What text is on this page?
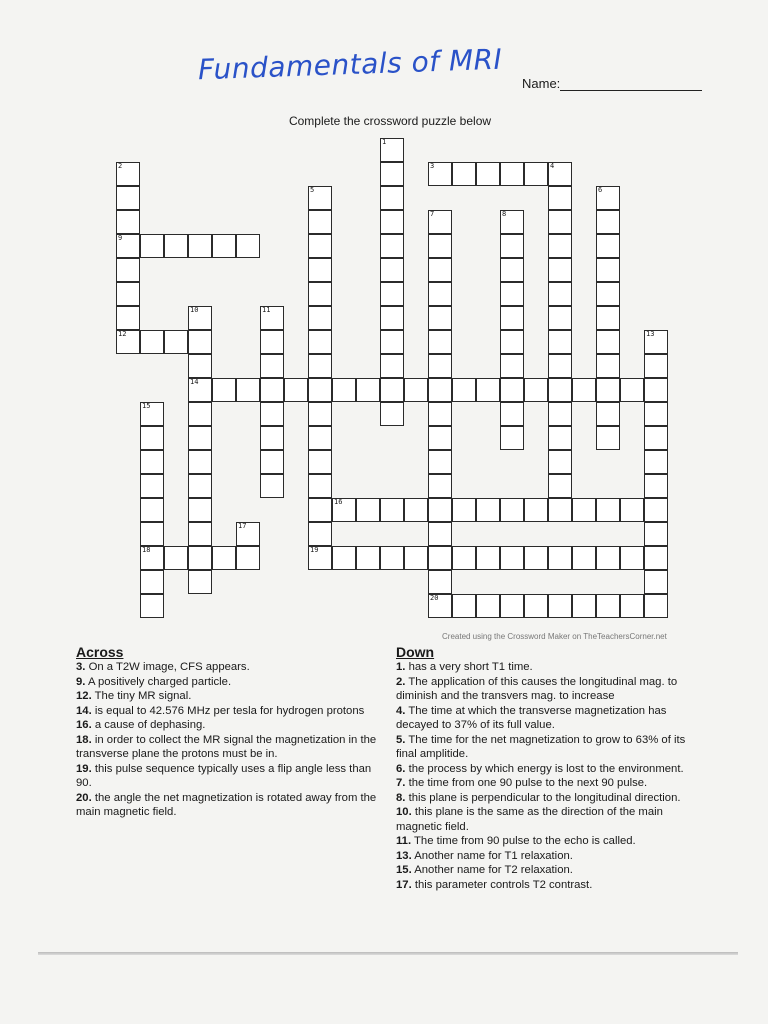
Fundamentals of MRI Name:
Complete the crossword puzzle below
1
2
9
12
3	4
5	6
7
20
8
10
14
11
13
15
18
16
17
19
Created using the Crossword Maker on TheTeachersCorner.net
Across
3. On a T2W image, CFS appears.
9. A positively charged particle.
12. The tiny MR signal.
14. is equal to 42.576 MHz per tesla for hydrogen protons
16. a cause of dephasing.
18. in order to collect the MR signal the magnetization in the transverse plane the protons must be in.
19. this pulse sequence typically uses a flip angle less than 90.
20. the angle the net magnetization is rotated away from the main magnetic field.
Down
1. has a very short T1 time.
2. The application of this causes the longitudinal mag. to diminish and the transvers mag. to increase
4. The time at which the transverse magnetization has decayed to 37% of its full value.
5. The time for the net magnetization to grow to 63% of its final amplitide.
6. the process by which energy is lost to the environment.
7. the time from one 90 pulse to the next 90 pulse.
8. this plane is perpendicular to the longitudinal direction.
10. this plane is the same as the direction of the main magnetic field.
11. The time from 90 pulse to the echo is called.
13. Another name for T1 relaxation.
15. Another name for T2 relaxation.
17. this parameter controls T2 contrast.
